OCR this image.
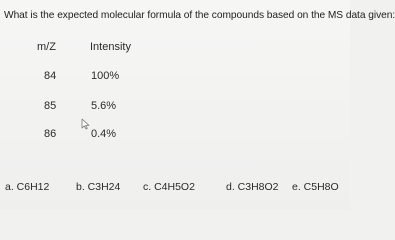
What is the expected molecular formula of the compounds based on the MS data given:
m/Z	Intensity
84	100%
85	5.6%
86	0.4%
a. C6H12	b. C3H24 c. C4H5O2	d. C3H8O2 e. C5H8O
